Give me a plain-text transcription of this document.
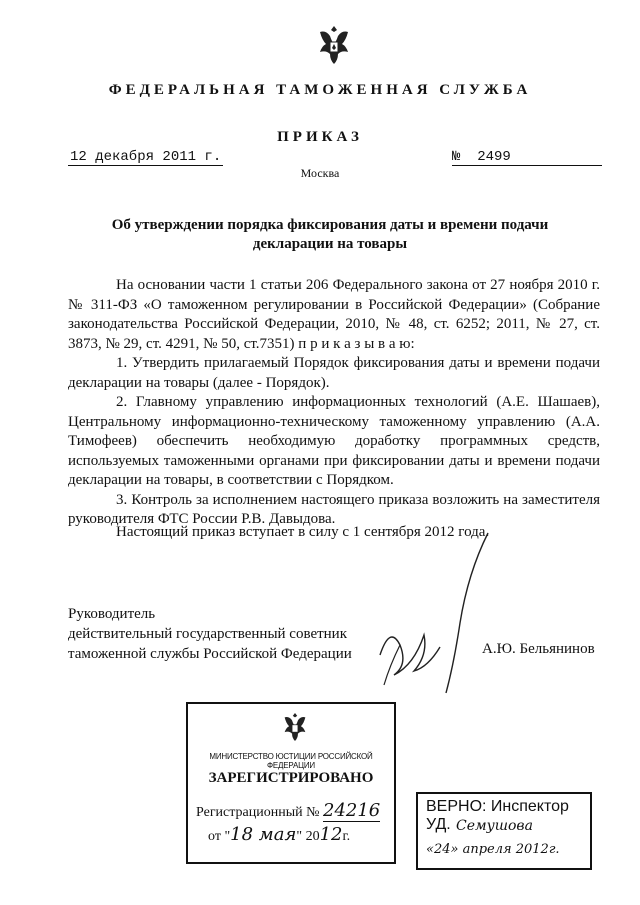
ФЕДЕРАЛЬНАЯ ТАМОЖЕННАЯ СЛУЖБА
ПРИКАЗ
12 декабря 2011 г.	№ 2499
Москва
Об утверждении порядка фиксирования даты и времени подачи декларации на товары

На основании части 1 статьи 206 Федерального закона от 27 ноября 2010 г. № 311-ФЗ «О таможенном регулировании в Российской Федерации» (Собрание законодательства Российской Федерации, 2010, № 48, ст. 6252; 2011, № 27, ст. 3873, № 29, ст. 4291, № 50, ст.7351) п р и к а з ы в а ю:

1. Утвердить прилагаемый Порядок фиксирования даты и времени подачи декларации на товары (далее - Порядок).

2. Главному управлению информационных технологий (А.Е. Шашаев), Центральному информационно-техническому таможенному управлению (А.А. Тимофеев) обеспечить необходимую доработку программных средств, используемых таможенными органами при фиксировании даты и времени подачи декларации на товары, в соответствии с Порядком.

3. Контроль за исполнением настоящего приказа возложить на заместителя руководителя ФТС России Р.В. Давыдова.

Настоящий приказ вступает в силу с 1 сентября 2012 года.
Руководитель
действительный государственный советник
таможенной службы Российской Федерации	А.Ю. Бельянинов
МИНИСТЕРСТВО ЮСТИЦИИ РОССИЙСКОЙ ФЕДЕРАЦИИ
ЗАРЕГИСТРИРОВАНО
Регистрационный № 24216
от "18 мая" 2012г.
ВЕРНО: Инспектор УД. Семушова
«24» апреля 2012г.
